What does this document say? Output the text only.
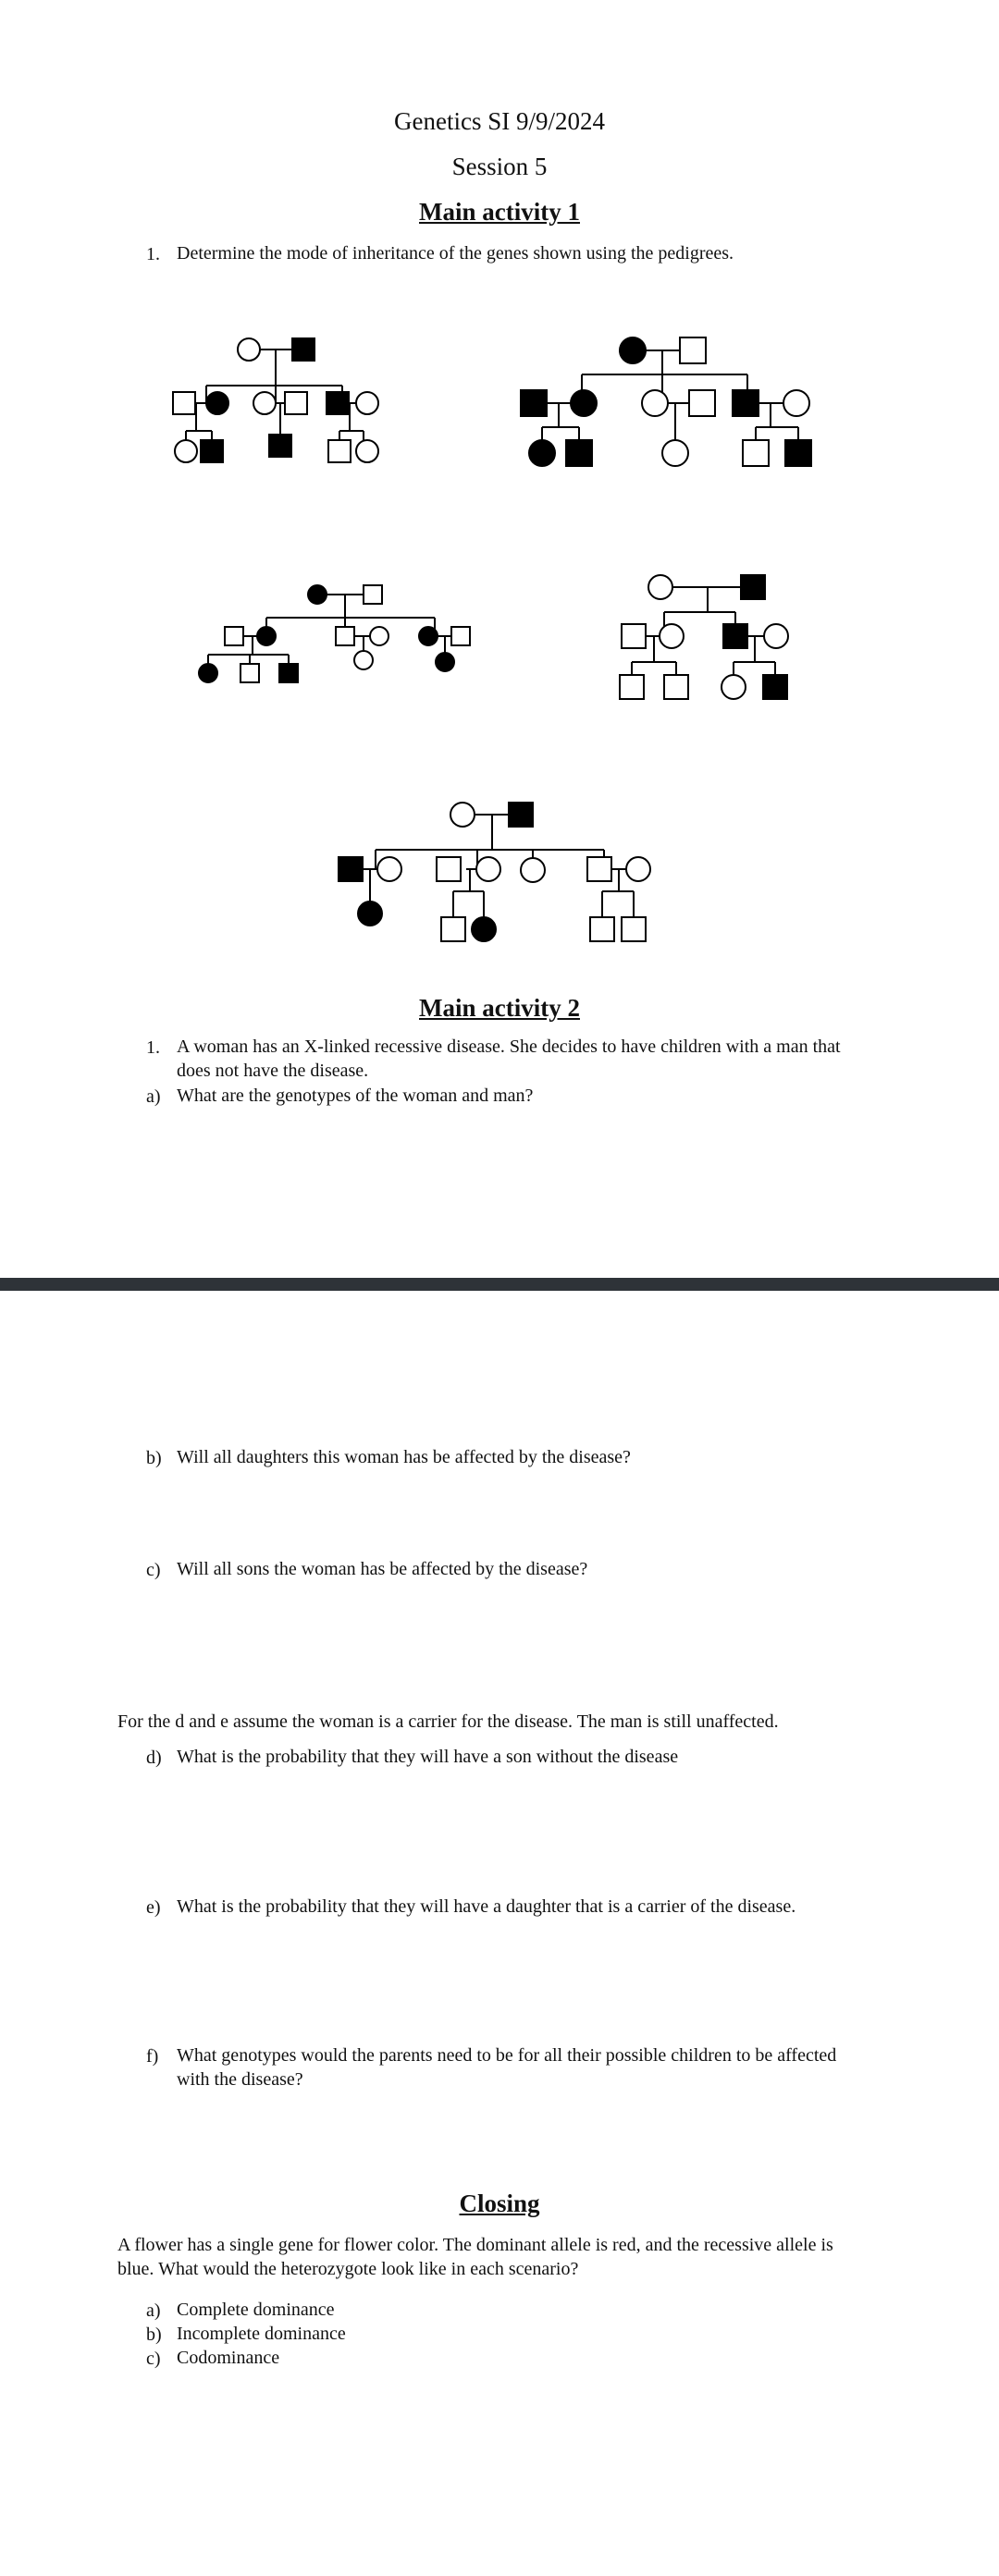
Genetics SI 9/9/2024
Session 5
Main activity 1
1. Determine the mode of inheritance of the genes shown using the pedigrees.
Main activity 2
1. A woman has an X-linked recessive disease. She decides to have children with a man that
does not have the disease.
a) What are the genotypes of the woman and man?
b) Will all daughters this woman has be affected by the disease?
c) Will all sons the woman has be affected by the disease?
For the d and e assume the woman is a carrier for the disease. The man is still unaffected.
d) What is the probability that they will have a son without the disease
e) What is the probability that they will have a daughter that is a carrier of the disease.
f) What genotypes would the parents need to be for all their possible children to be affected
with the disease?
Closing
A flower has a single gene for flower color. The dominant allele is red, and the recessive allele is
blue. What would the heterozygote look like in each scenario?
a) Complete dominance
b) Incomplete dominance
c) Codominance
